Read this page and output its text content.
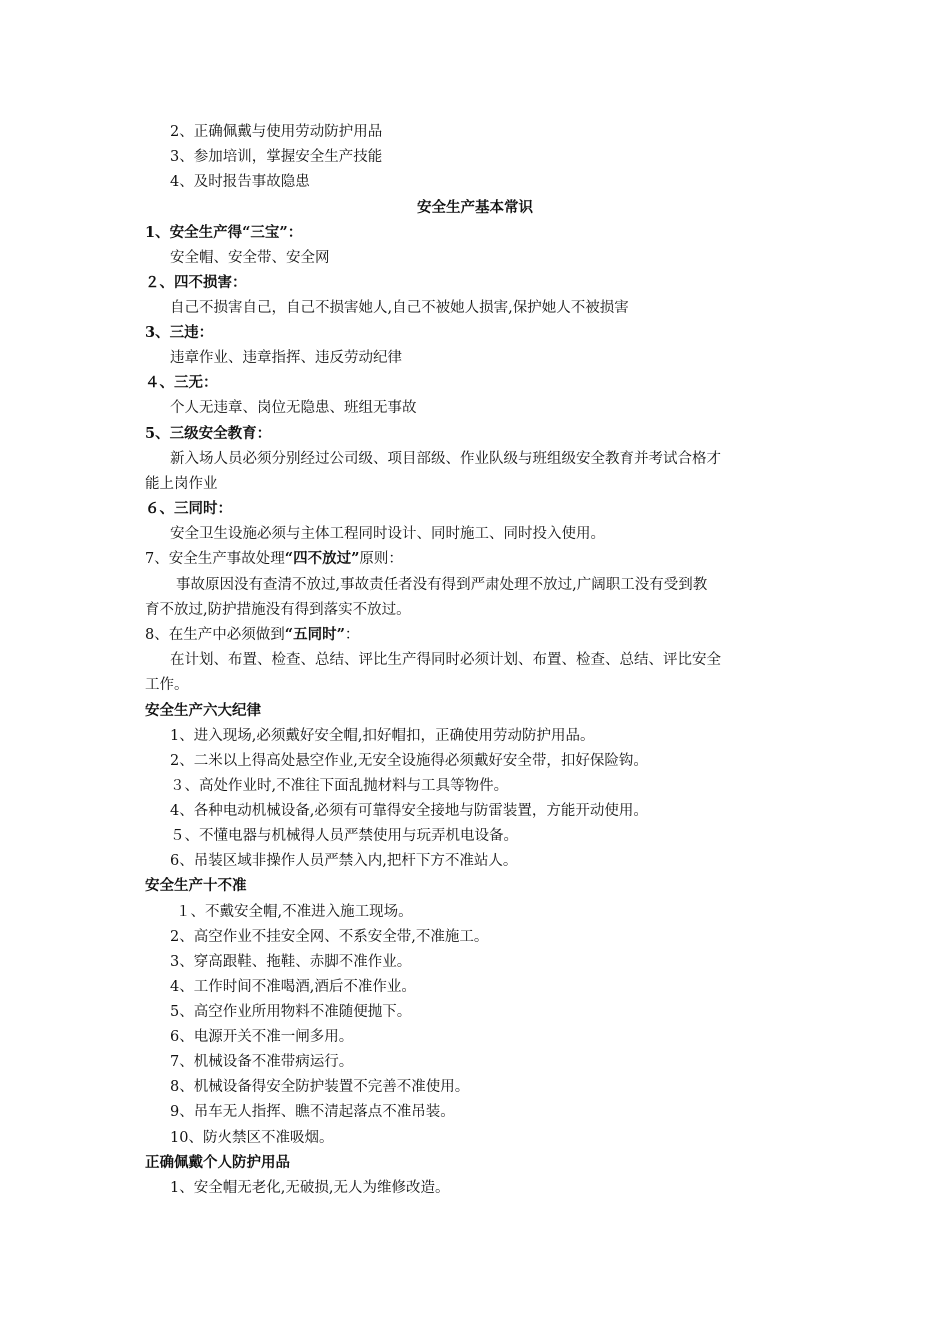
2、正确佩戴与使用劳动防护用品
3、参加培训，掌握安全生产技能
4、及时报告事故隐患
安全生产基本常识
1、安全生产得“三宝”：
安全帽、安全带、安全网
２、四不损害：
自己不损害自己，自己不损害她人,自己不被她人损害,保护她人不被损害
3、三违：
违章作业、违章指挥、违反劳动纪律
４、三无：
个人无违章、岗位无隐患、班组无事故
5、三级安全教育：
新入场人员必须分别经过公司级、项目部级、作业队级与班组级安全教育并考试合格才
能上岗作业
６、三同时：
安全卫生设施必须与主体工程同时设计、同时施工、同时投入使用。
7、安全生产事故处理“四不放过”原则：
事故原因没有查清不放过,事故责任者没有得到严肃处理不放过,广阔职工没有受到教
育不放过,防护措施没有得到落实不放过。
8、在生产中必须做到“五同时”：
在计划、布置、检查、总结、评比生产得同时必须计划、布置、检查、总结、评比安全
工作。
安全生产六大纪律
1、进入现场,必须戴好安全帽,扣好帽扣，正确使用劳动防护用品。
2、二米以上得高处悬空作业,无安全设施得必须戴好安全带，扣好保险钩。
３、高处作业时,不准往下面乱抛材料与工具等物件。
4、各种电动机械设备,必须有可靠得安全接地与防雷装置，方能开动使用。
５、不懂电器与机械得人员严禁使用与玩弄机电设备。
6、吊装区域非操作人员严禁入内,把杆下方不准站人。
安全生产十不准
１、不戴安全帽,不准进入施工现场。
2、高空作业不挂安全网、不系安全带,不准施工。
3、穿高跟鞋、拖鞋、赤脚不准作业。
4、工作时间不准喝酒,酒后不准作业。
5、高空作业所用物料不准随便抛下。
6、电源开关不准一闸多用。
7、机械设备不准带病运行。
8、机械设备得安全防护装置不完善不准使用。
9、吊车无人指挥、瞧不清起落点不准吊装。
10、防火禁区不准吸烟。
正确佩戴个人防护用品
1、安全帽无老化,无破损,无人为维修改造。
